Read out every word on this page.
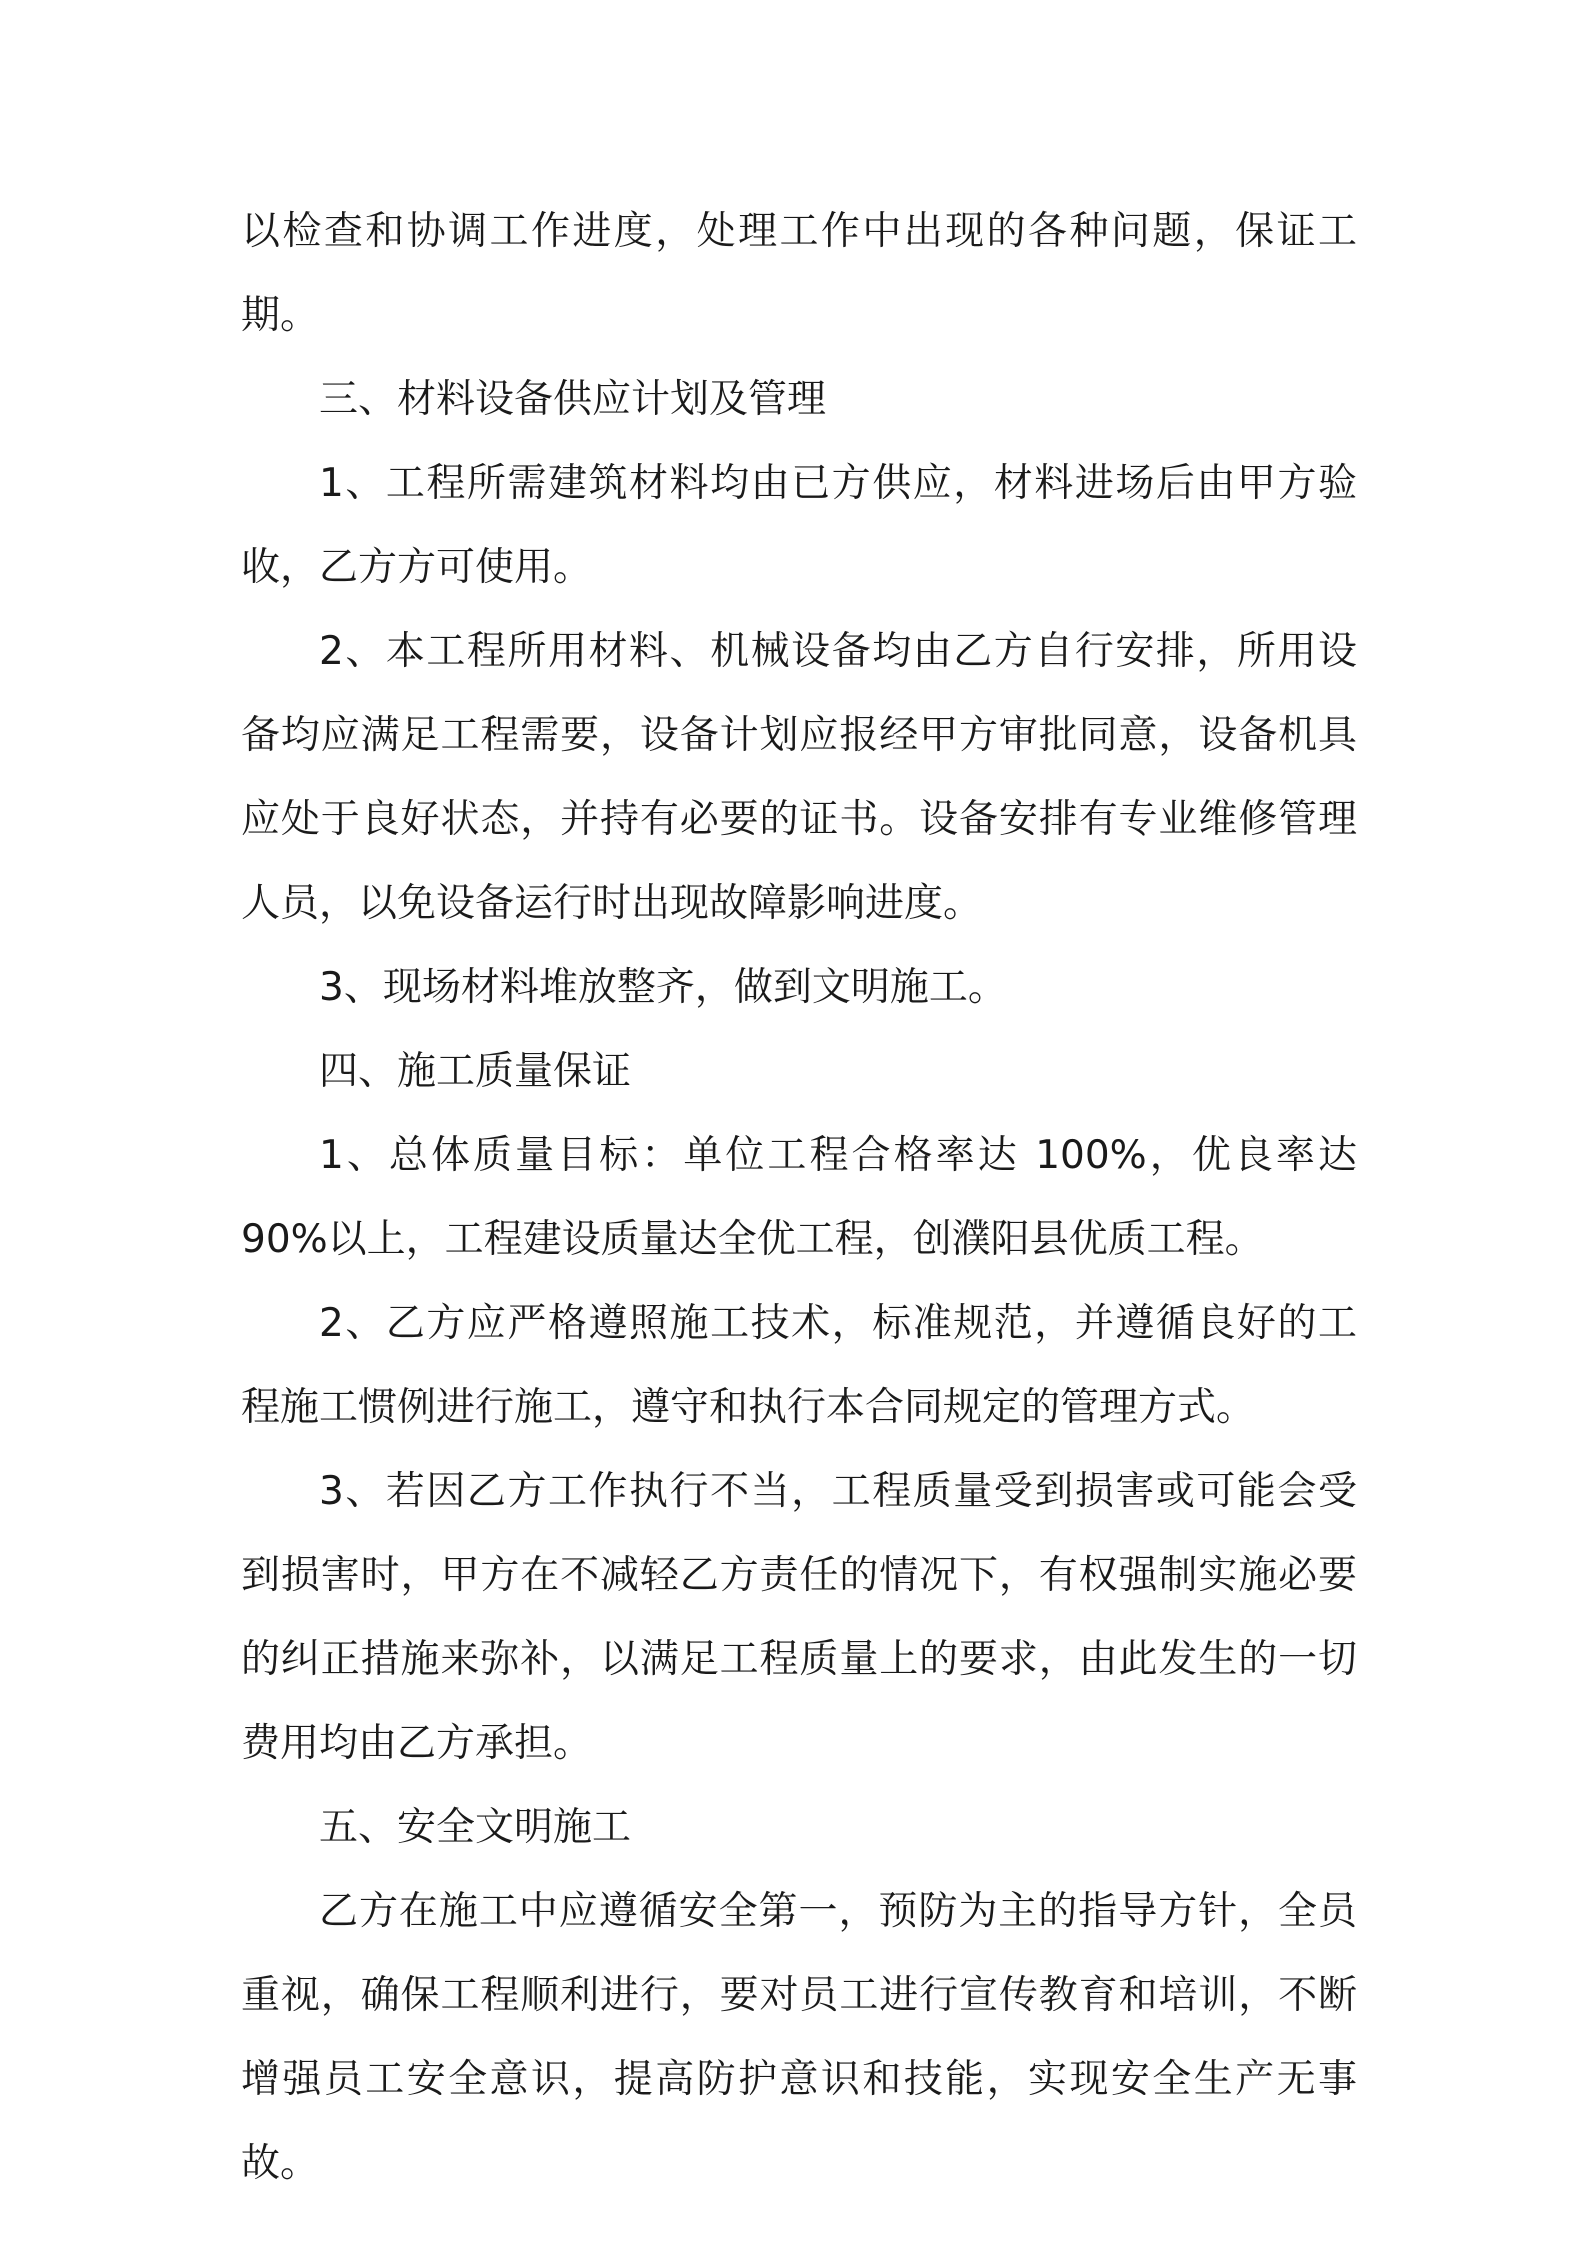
以检查和协调工作进度，处理工作中出现的各种问题，保证工期。

三、材料设备供应计划及管理

1、工程所需建筑材料均由已方供应，材料进场后由甲方验收，乙方方可使用。

2、本工程所用材料、机械设备均由乙方自行安排，所用设备均应满足工程需要，设备计划应报经甲方审批同意，设备机具应处于良好状态，并持有必要的证书。设备安排有专业维修管理人员，以免设备运行时出现故障影响进度。

3、现场材料堆放整齐，做到文明施工。

四、施工质量保证

1、总体质量目标：单位工程合格率达 100%，优良率达 90%以上，工程建设质量达全优工程，创濮阳县优质工程。

2、乙方应严格遵照施工技术，标准规范，并遵循良好的工程施工惯例进行施工，遵守和执行本合同规定的管理方式。

3、若因乙方工作执行不当，工程质量受到损害或可能会受到损害时，甲方在不减轻乙方责任的情况下，有权强制实施必要的纠正措施来弥补，以满足工程质量上的要求，由此发生的一切费用均由乙方承担。

五、安全文明施工

乙方在施工中应遵循安全第一，预防为主的指导方针，全员重视，确保工程顺利进行，要对员工进行宣传教育和培训，不断增强员工安全意识，提高防护意识和技能，实现安全生产无事故。
